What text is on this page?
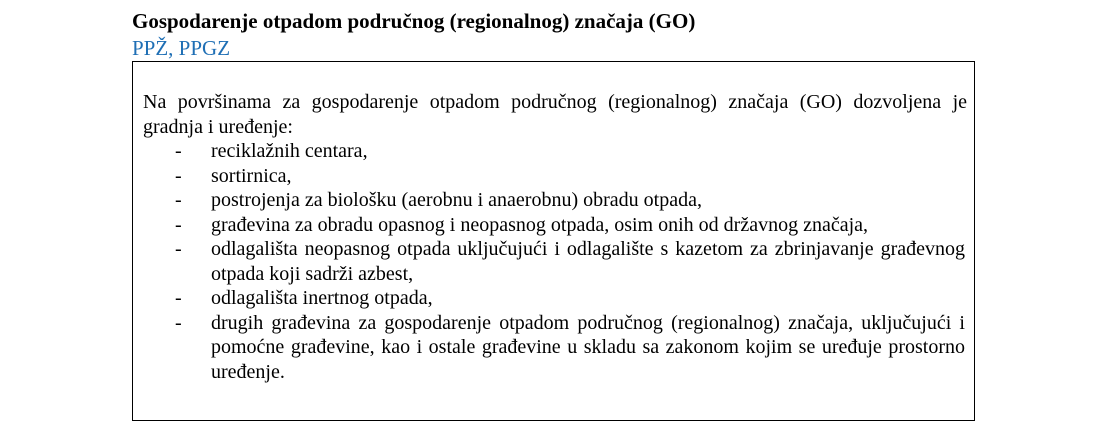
Gospodarenje otpadom područnog (regionalnog) značaja (GO)
PPŽ, PPGZ
Na površinama za gospodarenje otpadom područnog (regionalnog) značaja (GO) dozvoljena je gradnja i uređenje:
- reciklažnih centara,
- sortirnica,
- postrojenja za biološku (aerobnu i anaerobnu) obradu otpada,
- građevina za obradu opasnog i neopasnog otpada, osim onih od državnog značaja,
- odlagališta neopasnog otpada uključujući i odlagalište s kazetom za zbrinjavanje građevnog otpada koji sadrži azbest,
- odlagališta inertnog otpada,
- drugih građevina za gospodarenje otpadom područnog (regionalnog) značaja, uključujući i pomoćne građevine, kao i ostale građevine u skladu sa zakonom kojim se uređuje prostorno uređenje.
